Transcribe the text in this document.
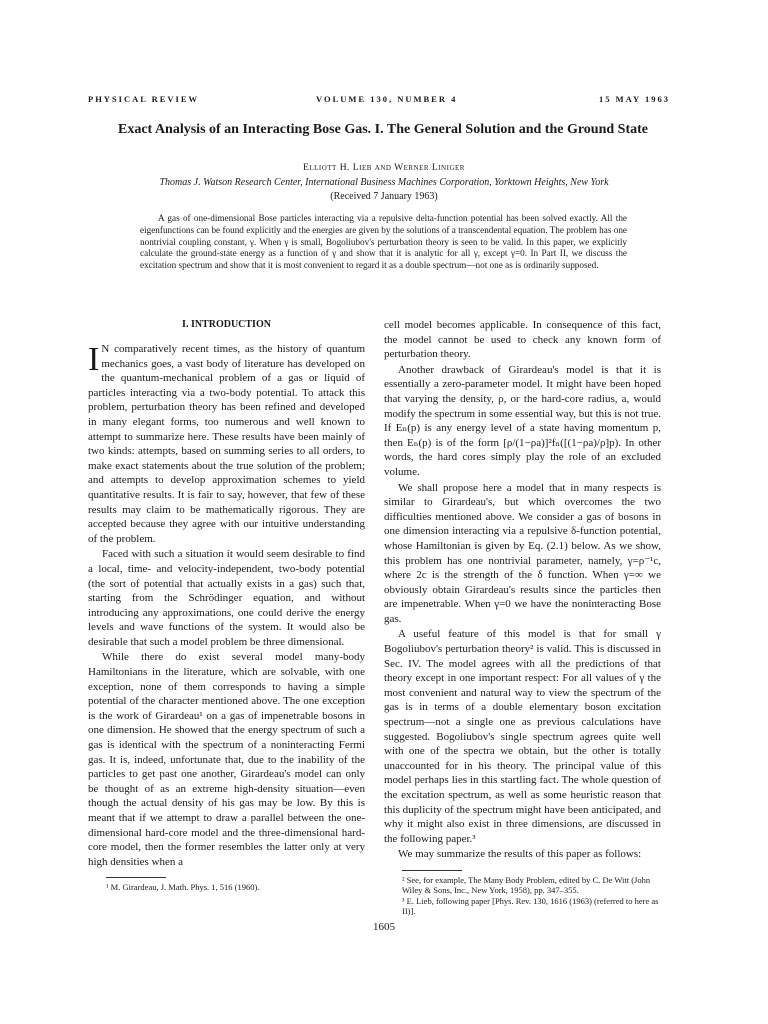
PHYSICAL REVIEW	VOLUME 130, NUMBER 4	15 MAY 1963
Exact Analysis of an Interacting Bose Gas. I. The General Solution and the Ground State
Elliott H. Lieb and Werner Liniger
Thomas J. Watson Research Center, International Business Machines Corporation, Yorktown Heights, New York
(Received 7 January 1963)

A gas of one-dimensional Bose particles interacting via a repulsive delta-function potential has been solved exactly. All the eigenfunctions can be found explicitly and the energies are given by the solutions of a transcendental equation. The problem has one nontrivial coupling constant, γ. When γ is small, Bogoliubov's perturbation theory is seen to be valid. In this paper, we explicitly calculate the ground-state energy as a function of γ and show that it is analytic for all γ, except γ=0. In Part II, we discuss the excitation spectrum and show that it is most convenient to regard it as a double spectrum—not one as is ordinarily supposed.

I. INTRODUCTION

I N comparatively recent times, as the history of quantum mechanics goes, a vast body of literature has developed on the quantum-mechanical problem of a gas or liquid of particles interacting via a two-body potential. To attack this problem, perturbation theory has been refined and developed in many elegant forms, too numerous and well known to attempt to summarize here. These results have been mainly of two kinds: attempts, based on summing series to all orders, to make exact statements about the true solution of the problem; and attempts to develop approximation schemes to yield quantitative results. It is fair to say, however, that few of these results may claim to be mathematically rigorous. They are accepted because they agree with our intuitive understanding of the problem.

Faced with such a situation it would seem desirable to find a local, time- and velocity-independent, two-body potential (the sort of potential that actually exists in a gas) such that, starting from the Schrödinger equation, and without introducing any approximations, one could derive the energy levels and wave functions of the system. It would also be desirable that such a model problem be three dimensional.

While there do exist several model many-body Hamiltonians in the literature, which are solvable, with one exception, none of them corresponds to having a simple potential of the character mentioned above. The one exception is the work of Girardeau¹ on a gas of impenetrable bosons in one dimension. He showed that the energy spectrum of such a gas is identical with the spectrum of a noninteracting Fermi gas. It is, indeed, unfortunate that, due to the inability of the particles to get past one another, Girardeau's model can only be thought of as an extreme high-density situation—even though the actual density of his gas may be low. By this is meant that if we attempt to draw a parallel between the one-dimensional hard-core model and the three-dimensional hard-core model, then the former resembles the latter only at very high densities when a

¹ M. Girardeau, J. Math. Phys. 1, 516 (1960).

cell model becomes applicable. In consequence of this fact, the model cannot be used to check any known form of perturbation theory.

Another drawback of Girardeau's model is that it is essentially a zero-parameter model. It might have been hoped that varying the density, ρ, or the hard-core radius, a, would modify the spectrum in some essential way, but this is not true. If Eₙ(p) is any energy level of a state having momentum p, then Eₙ(p) is of the form [ρ/(1−ρa)]²fₙ([(1−ρa)/ρ]p). In other words, the hard cores simply play the role of an excluded volume.

We shall propose here a model that in many respects is similar to Girardeau's, but which overcomes the two difficulties mentioned above. We consider a gas of bosons in one dimension interacting via a repulsive δ-function potential, whose Hamiltonian is given by Eq. (2.1) below. As we show, this problem has one nontrivial parameter, namely, γ=ρ⁻¹c, where 2c is the strength of the δ function. When γ=∞ we obviously obtain Girardeau's results since the particles then are impenetrable. When γ=0 we have the noninteracting Bose gas.

A useful feature of this model is that for small γ Bogoliubov's perturbation theory² is valid. This is discussed in Sec. IV. The model agrees with all the predictions of that theory except in one important respect: For all values of γ the most convenient and natural way to view the spectrum of the gas is in terms of a double elementary boson excitation spectrum—not a single one as previous calculations have suggested. Bogoliubov's single spectrum agrees quite well with one of the spectra we obtain, but the other is totally unaccounted for in his theory. The principal value of this model perhaps lies in this startling fact. The whole question of the excitation spectrum, as well as some heuristic reason that this duplicity of the spectrum might have been anticipated, and why it might also exist in three dimensions, are discussed in the following paper.³

We may summarize the results of this paper as follows:

² See, for example, The Many Body Problem, edited by C. De Witt (John Wiley & Sons, Inc., New York, 1958), pp. 347–355.
³ E. Lieb, following paper [Phys. Rev. 130, 1616 (1963) (referred to here as II)].
1605
